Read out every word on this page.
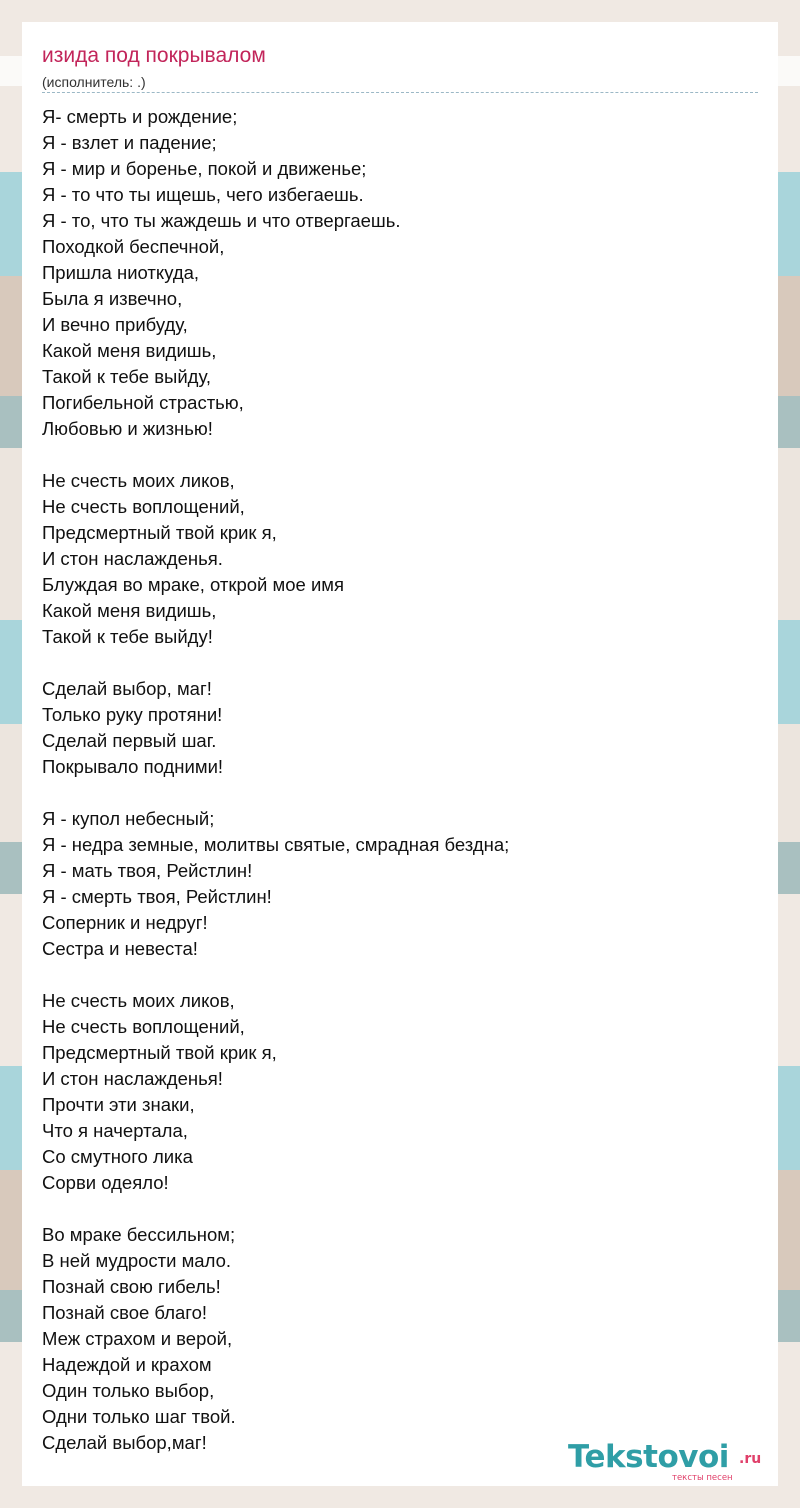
изида под покрывалом
(исполнитель: .)
Я- смерть и рождение;
Я - взлет и падение;
Я - мир и боренье, покой и движенье;
Я - то что ты ищешь, чего избегаешь.
Я - то, что ты жаждешь и что отвергаешь.
Походкой беспечной,
Пришла ниоткуда,
Была я извечно,
И вечно прибуду,
Какой меня видишь,
Такой к тебе выйду,
Погибельной страстью,
Любовью и жизнью!

Не счесть моих ликов,
Не счесть воплощений,
Предсмертный твой крик я,
И стон наслажденья.
Блуждая во мраке, открой мое имя
Какой меня видишь,
Такой к тебе выйду!

Сделай выбор, маг!
Только руку протяни!
Сделай первый шаг.
Покрывало подними!

Я - купол небесный;
Я - недра земные, молитвы святые, смрадная бездна;
Я - мать твоя, Рейстлин!
Я - смерть твоя, Рейстлин!
Соперник и недруг!
Сестра и невеста!

Не счесть моих ликов,
Не счесть воплощений,
Предсмертный твой крик я,
И стон наслажденья!
Прочти эти знаки,
Что я начертала,
Со смутного лика
Сорви одеяло!

Во мраке бессильном;
В ней мудрости мало.
Познай свою гибель!
Познай свое благо!
Меж страхом и верой,
Надеждой и крахом
Один только выбор,
Одни только шаг твой.
Сделай выбор,маг!	Tekstovoi .ru
тексты песен
